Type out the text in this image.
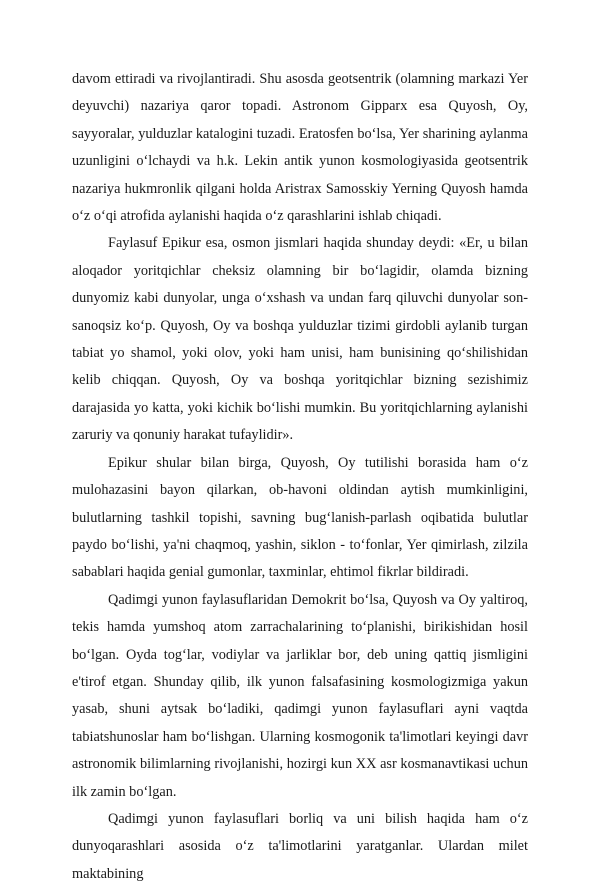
davom ettiradi va rivojlantiradi. Shu asosda geotsentrik (olamning markazi Yer deyuvchi) nazariya qaror topadi. Astronom Gipparx esa Quyosh, Oy, sayyoralar, yulduzlar katalogini tuzadi. Eratosfen bo‘lsa, Yer sharining aylanma uzunligini o‘lchaydi va h.k. Lekin antik yunon kosmologiyasida geotsentrik nazariya hukmronlik qilgani holda Aristrax Samosskiy Yerning Quyosh hamda o‘z o‘qi atrofida aylanishi haqida o‘z qarashlarini ishlab chiqadi.

Faylasuf Epikur esa, osmon jismlari haqida shunday deydi: «Er, u bilan aloqador yoritqichlar cheksiz olamning bir bo‘lagidir, olamda bizning dunyomiz kabi dunyolar, unga o‘xshash va undan farq qiluvchi dunyolar son-sanoqsiz ko‘p. Quyosh, Oy va boshqa yulduzlar tizimi girdobli aylanib turgan tabiat yo shamol, yoki olov, yoki ham unisi, ham bunisining qo‘shilishidan kelib chiqqan. Quyosh, Oy va boshqa yoritqichlar bizning sezishimiz darajasida yo katta, yoki kichik bo‘lishi mumkin. Bu yoritqichlarning aylanishi zaruriy va qonuniy harakat tufaylidir».

Epikur shular bilan birga, Quyosh, Oy tutilishi borasida ham o‘z mulohazasini bayon qilarkan, ob-havoni oldindan aytish mumkinligini, bulutlarning tashkil topishi, savning bug‘lanish-parlash oqibatida bulutlar paydo bo‘lishi, ya'ni chaqmoq, yashin, siklon - to‘fonlar, Yer qimirlash, zilzila sabablari haqida genial gumonlar, taxminlar, ehtimol fikrlar bildiradi.

Qadimgi yunon faylasuflaridan Demokrit bo‘lsa, Quyosh va Oy yaltiroq, tekis hamda yumshoq atom zarrachalarining to‘planishi, birikishidan hosil bo‘lgan. Oyda tog‘lar, vodiylar va jarliklar bor, deb uning qattiq jismligini e'tirof etgan. Shunday qilib, ilk yunon falsafasining kosmologizmiga yakun yasab, shuni aytsak bo‘ladiki, qadimgi yunon faylasuflari ayni vaqtda tabiatshunoslar ham bo‘lishgan. Ularning kosmogonik ta'limotlari keyingi davr astronomik bilimlarning rivojlanishi, hozirgi kun XX asr kosmanavtikasi uchun ilk zamin bo‘lgan.

Qadimgi yunon faylasuflari borliq va uni bilish haqida ham o‘z dunyoqarashlari asosida o‘z ta'limotlarini yaratganlar. Ulardan milet maktabining
